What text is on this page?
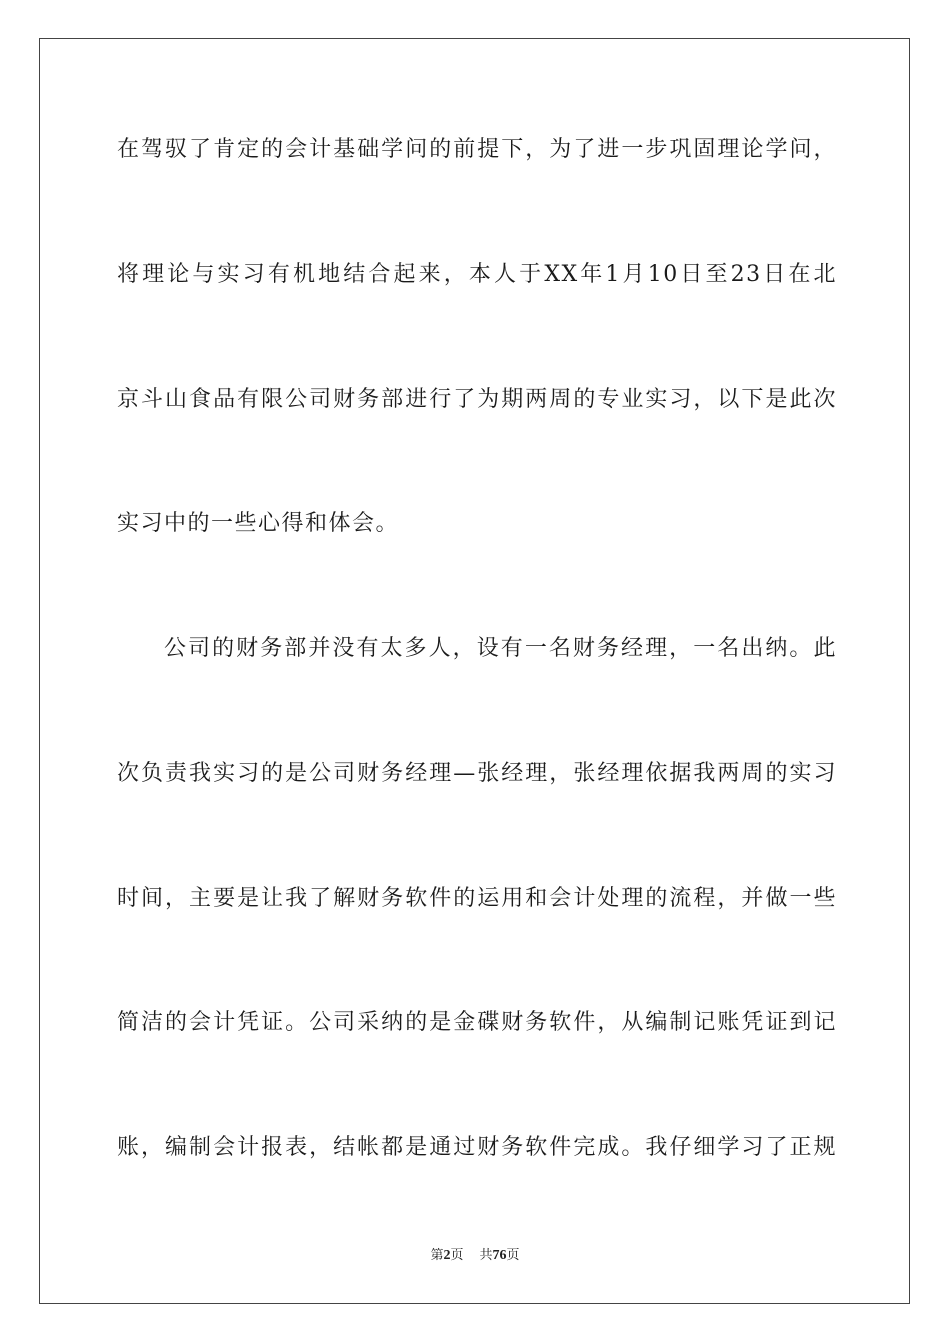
在驾驭了肯定的会计基础学问的前提下，为了进一步巩固理论学问，
将理论与实习有机地结合起来，本人于XX年1月10日至23日在北
京斗山食品有限公司财务部进行了为期两周的专业实习，以下是此次
实习中的一些心得和体会。
公司的财务部并没有太多人，设有一名财务经理，一名出纳。此
次负责我实习的是公司财务经理—张经理，张经理依据我两周的实习
时间，主要是让我了解财务软件的运用和会计处理的流程，并做一些
简洁的会计凭证。公司采纳的是金碟财务软件，从编制记账凭证到记
账，编制会计报表，结帐都是通过财务软件完成。我仔细学习了正规
第2页 共76页
